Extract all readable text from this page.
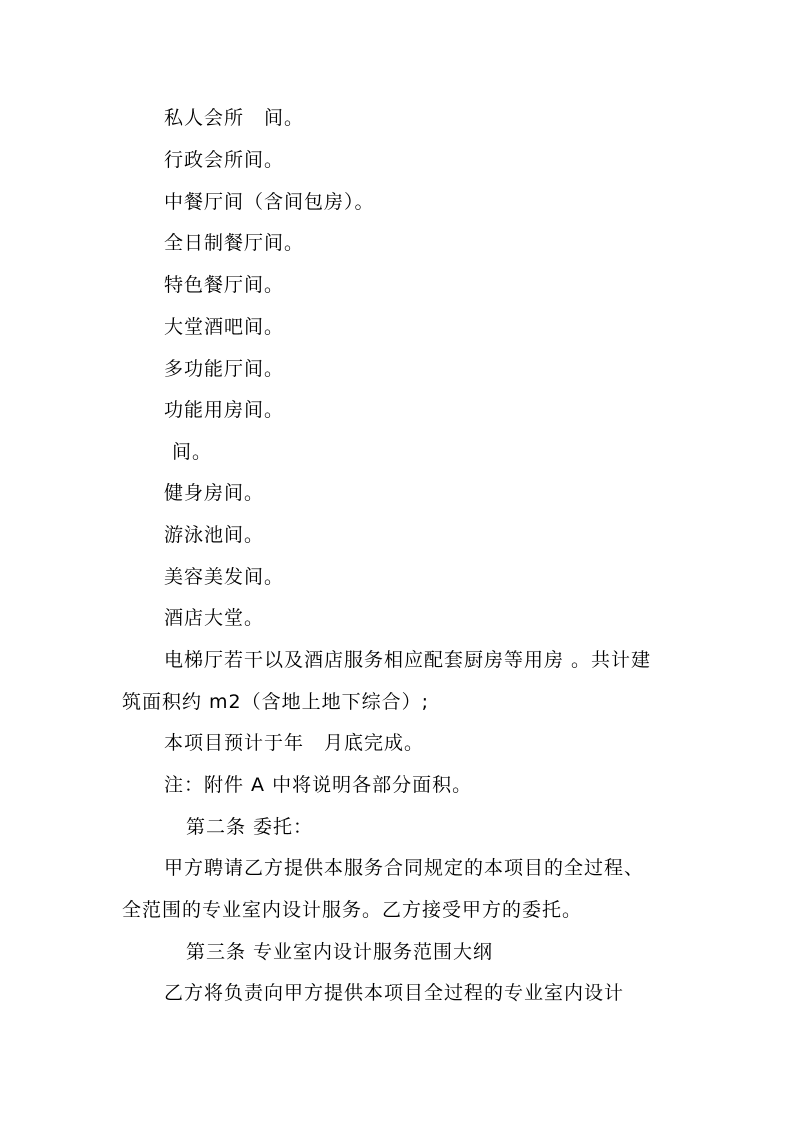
私人会所　间。
行政会所间。
中餐厅间（含间包房）。
全日制餐厅间。
特色餐厅间。
大堂酒吧间。
多功能厅间。
功能用房间。
间。
健身房间。
游泳池间。
美容美发间。
酒店大堂。
电梯厅若干以及酒店服务相应配套厨房等用房 。共计建
筑面积约 m2（含地上地下综合）;
本项目预计于年　月底完成。
注：附件 A 中将说明各部分面积。
第二条 委托：
甲方聘请乙方提供本服务合同规定的本项目的全过程、
全范围的专业室内设计服务。乙方接受甲方的委托。
第三条 专业室内设计服务范围大纲
乙方将负责向甲方提供本项目全过程的专业室内设计
